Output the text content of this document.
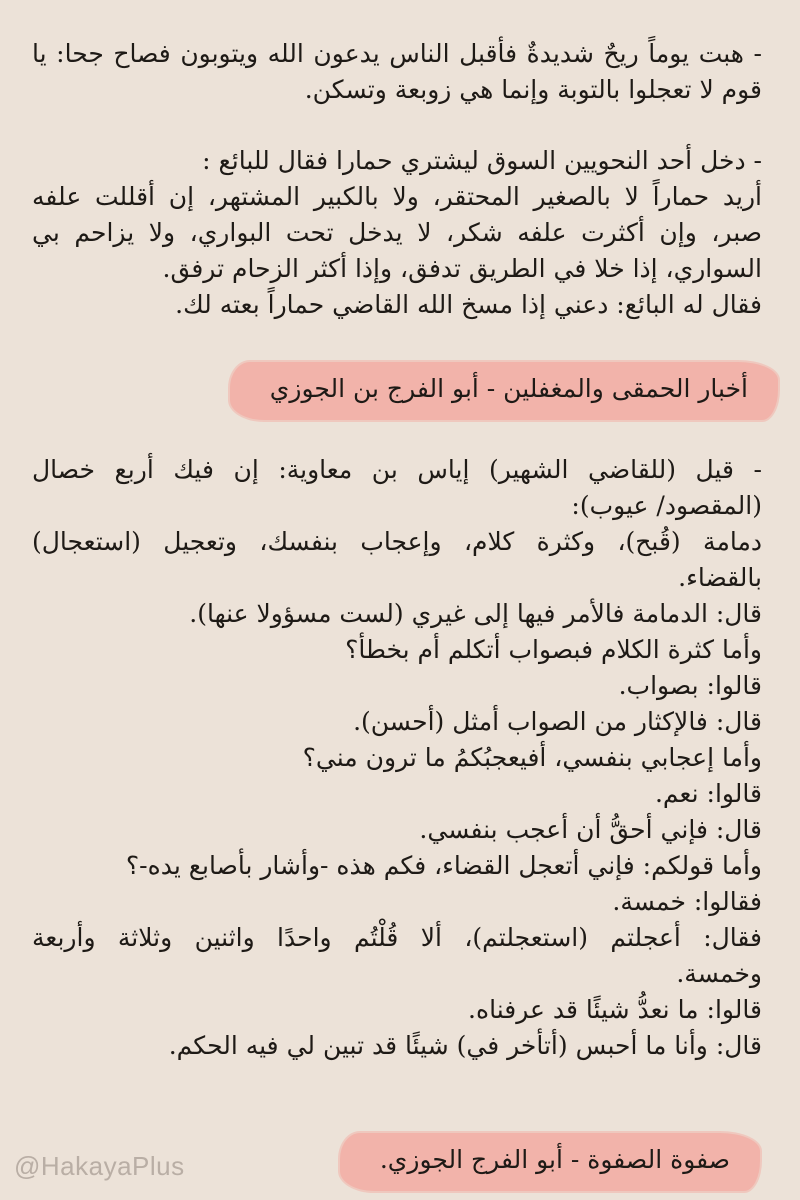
- هبت يوماً ريحٌ شديدةٌ فأقبل الناس يدعون الله ويتوبون فصاح جحا: يا
قوم لا تعجلوا بالتوبة وإنما هي زوبعة وتسكن.
- دخل أحد النحويين السوق ليشتري حمارا فقال للبائع :
أريد حماراً لا بالصغير المحتقر، ولا بالكبير المشتهر، إن أقللت علفه
صبر، وإن أكثرت علفه شكر، لا يدخل تحت البواري، ولا يزاحم بي
السواري، إذا خلا في الطريق تدفق، وإذا أكثر الزحام ترفق.
فقال له البائع: دعني إذا مسخ الله القاضي حماراً بعته لك.
أخبار الحمقى والمغفلين - أبو الفرج بن الجوزي
- قيل (للقاضي الشهير) إياس بن معاوية: إن فيك أربع خصال
(المقصود/ عيوب):
دمامة (قُبح)، وكثرة كلام، وإعجاب بنفسك، وتعجيل (استعجال)
بالقضاء.
قال: الدمامة فالأمر فيها إلى غيري (لست مسؤولا عنها).
وأما كثرة الكلام فبصواب أتكلم أم بخطأ؟
قالوا: بصواب.
قال: فالإكثار من الصواب أمثل (أحسن).
وأما إعجابي بنفسي، أفيعجبُكمُ ما ترون مني؟
قالوا: نعم.
قال: فإني أحقُّ أن أعجب بنفسي.
وأما قولكم: فإني أتعجل القضاء، فكم هذه -وأشار بأصابع يده-؟
فقالوا: خمسة.
فقال: أعجلتم (استعجلتم)، ألا قُلْتُم واحدًا واثنين وثلاثة وأربعة
وخمسة.
قالوا: ما نعدُّ شيئًا قد عرفناه.
قال: وأنا ما أحبس (أتأخر في) شيئًا قد تبين لي فيه الحكم.
صفوة الصفوة - أبو الفرج الجوزي.
@HakayaPlus
